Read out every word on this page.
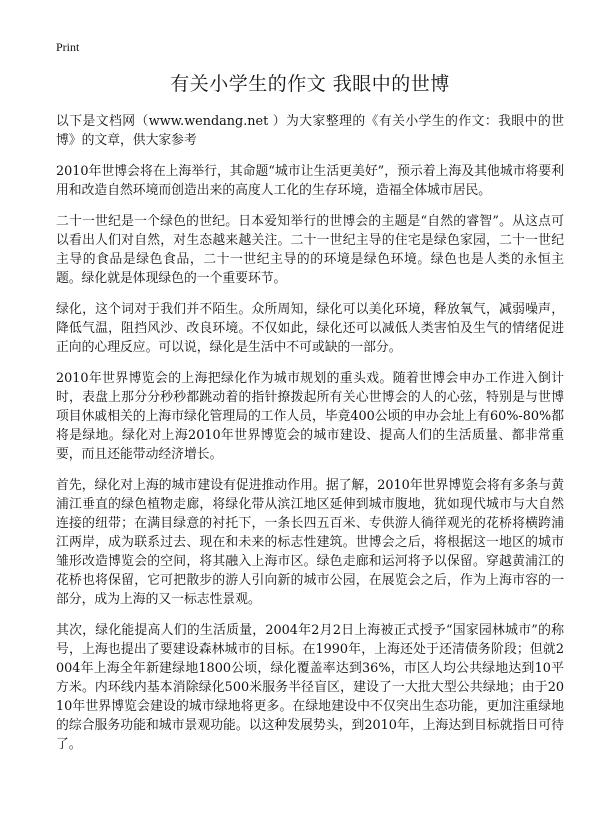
Print
有关小学生的作文 我眼中的世博

以下是文档网（www.wendang.net ）为大家整理的《有关小学生的作文：我眼中的世博》的文章，供大家参考

2010年世博会将在上海举行，其命题“城市让生活更美好”，预示着上海及其他城市将要利用和改造自然环境而创造出来的高度人工化的生存环境，造福全体城市居民。

二十一世纪是一个绿色的世纪。日本爱知举行的世博会的主题是“自然的睿智”。从这点可以看出人们对自然，对生态越来越关注。二十一世纪主导的住宅是绿色家园，二十一世纪主导的食品是绿色食品，二十一世纪主导的的环境是绿色环境。绿色也是人类的永恒主题。绿化就是体现绿色的一个重要环节。

绿化，这个词对于我们并不陌生。众所周知，绿化可以美化环境，释放氧气，减弱噪声，降低气温，阻挡风沙、改良环境。不仅如此，绿化还可以减低人类害怕及生气的情绪促进正向的心理反应。可以说，绿化是生活中不可或缺的一部分。

2010年世界博览会的上海把绿化作为城市规划的重头戏。随着世博会申办工作进入倒计时，表盘上那分分秒秒都跳动着的指针撩拨起所有关心世博会的人的心弦，特别是与世博项目休戚相关的上海市绿化管理局的工作人员，毕竟400公顷的申办会址上有60%-80%都将是绿地。绿化对上海2010年世界博览会的城市建设、提高人们的生活质量、都非常重要，而且还能带动经济增长。

首先，绿化对上海的城市建设有促进推动作用。据了解，2010年世界博览会将有多条与黄浦江垂直的绿色植物走廊，将绿化带从滨江地区延伸到城市腹地，犹如现代城市与大自然连接的纽带；在满目绿意的衬托下，一条长四五百米、专供游人徜徉观光的花桥将横跨浦江两岸，成为联系过去、现在和未来的标志性建筑。世博会之后，将根据这一地区的城市雏形改造博览会的空间，将其融入上海市区。绿色走廊和运河将予以保留。穿越黄浦江的花桥也将保留，它可把散步的游人引向新的城市公园，在展览会之后，作为上海市容的一部分，成为上海的又一标志性景观。

其次，绿化能提高人们的生活质量，2004年2月2日上海被正式授予“国家园林城市”的称号，上海也提出了要建设森林城市的目标。在1990年，上海还处于还清债务阶段；但就2004年上海全年新建绿地1800公顷，绿化覆盖率达到36%，市区人均公共绿地达到10平方米。内环线内基本消除绿化500米服务半径盲区，建设了一大批大型公共绿地；由于2010年世界博览会建设的城市绿地将更多。在绿地建设中不仅突出生态功能，更加注重绿地的综合服务功能和城市景观功能。以这种发展势头，到2010年，上海达到目标就指日可待了。
